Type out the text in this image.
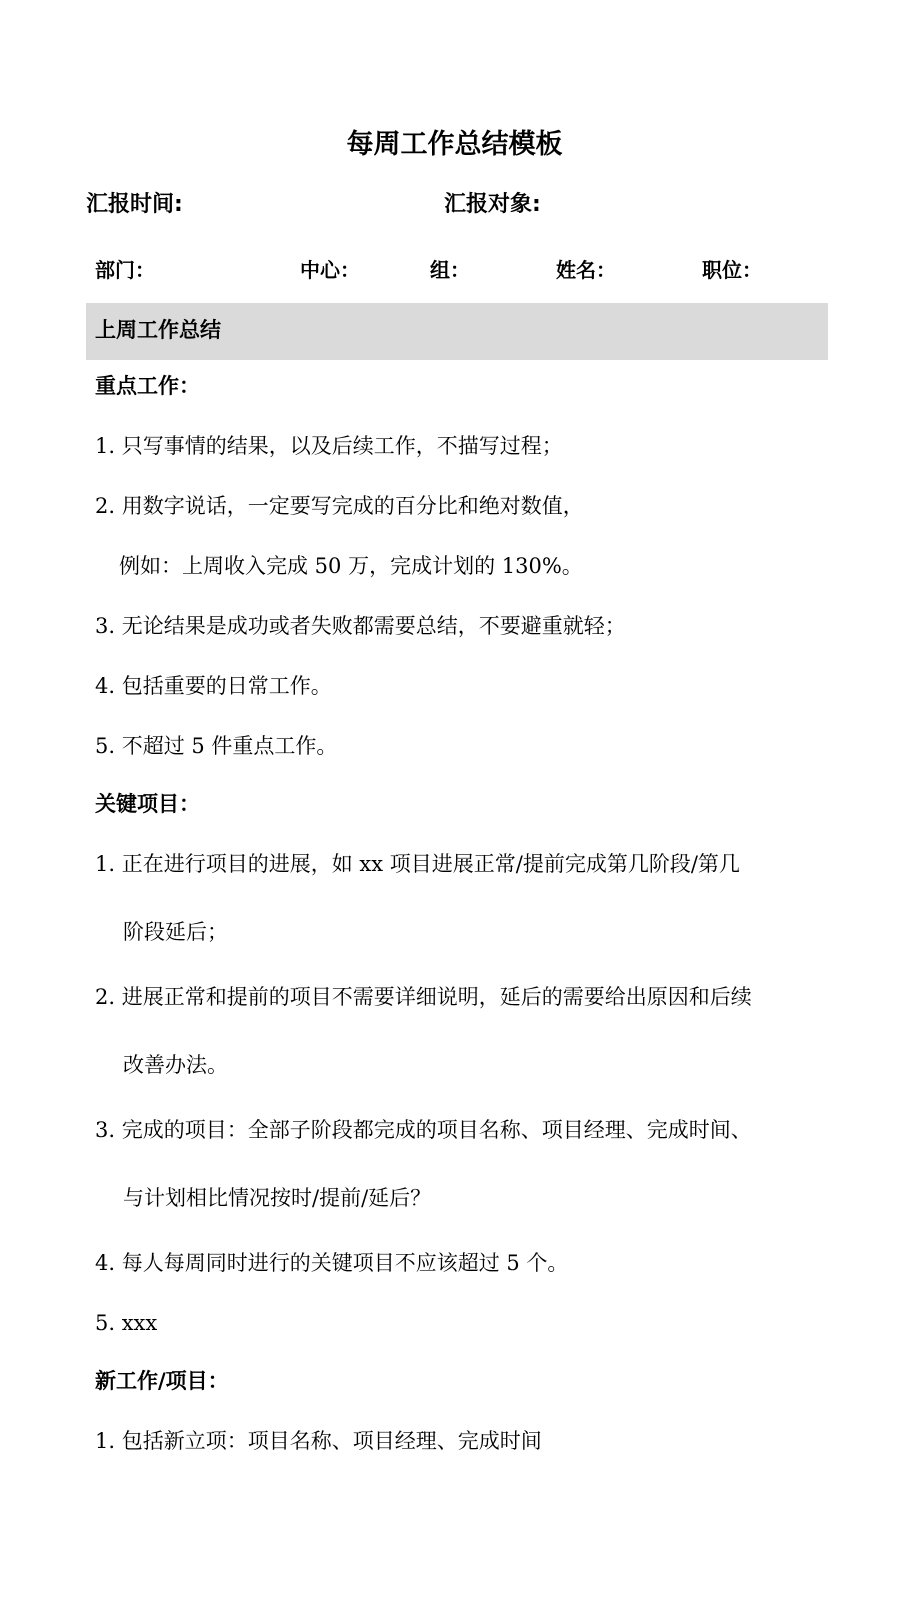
每周工作总结模板
汇报时间:	汇报对象:
部门：	中心：	组：	姓名：	职位：
上周工作总结
重点工作：
1. 只写事情的结果，以及后续工作，不描写过程；
2. 用数字说话，一定要写完成的百分比和绝对数值，
例如：上周收入完成 50 万，完成计划的 130%。
3. 无论结果是成功或者失败都需要总结，不要避重就轻；
4. 包括重要的日常工作。
5. 不超过 5 件重点工作。
关键项目：
1. 正在进行项目的进展，如 xx 项目进展正常/提前完成第几阶段/第几
阶段延后；
2. 进展正常和提前的项目不需要详细说明，延后的需要给出原因和后续
改善办法。
3. 完成的项目：全部子阶段都完成的项目名称、项目经理、完成时间、
与计划相比情况按时/提前/延后？
4. 每人每周同时进行的关键项目不应该超过 5 个。
5. xxx
新工作/项目：
1. 包括新立项：项目名称、项目经理、完成时间
